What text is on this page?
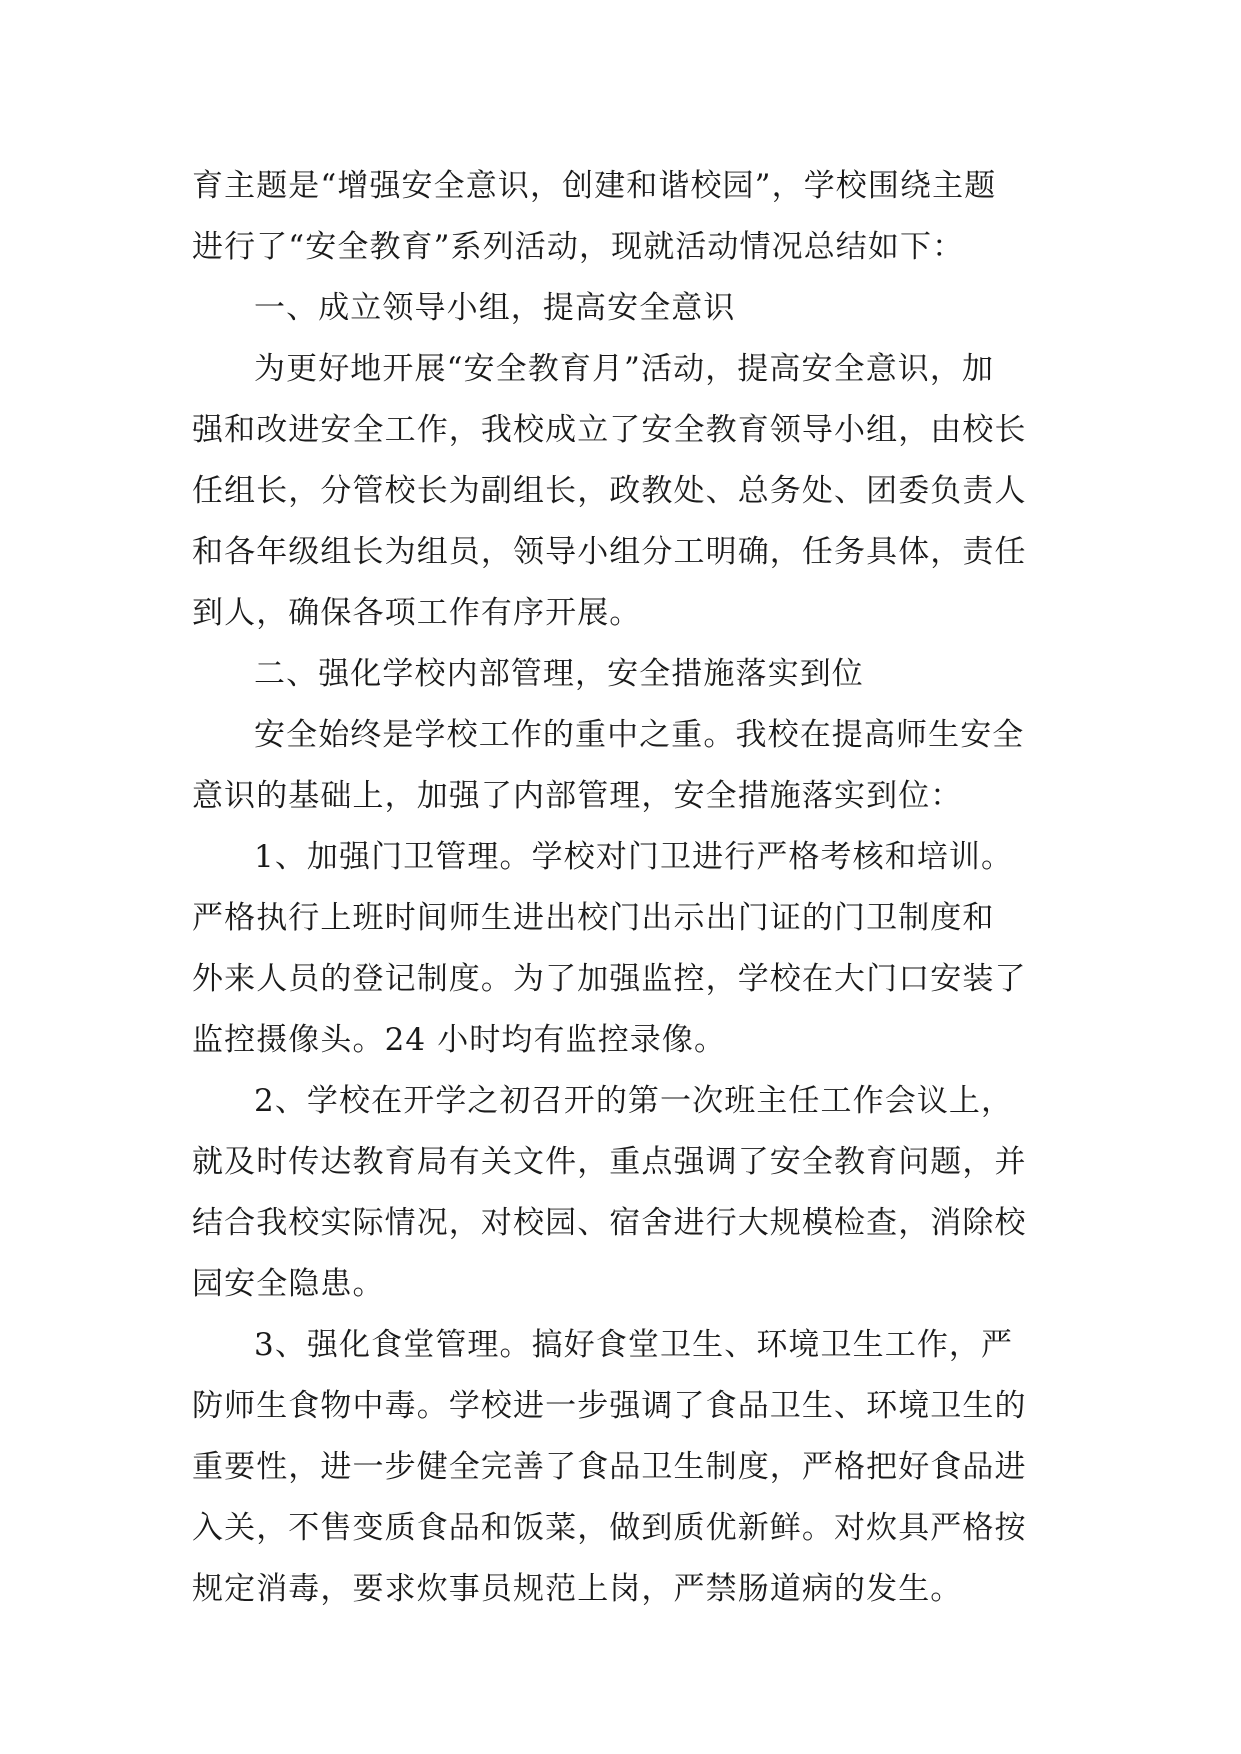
育主题是“增强安全意识，创建和谐校园”，学校围绕主题
进行了“安全教育”系列活动，现就活动情况总结如下：
一、成立领导小组，提高安全意识
为更好地开展“安全教育月”活动，提高安全意识，加
强和改进安全工作，我校成立了安全教育领导小组，由校长
任组长，分管校长为副组长，政教处、总务处、团委负责人
和各年级组长为组员，领导小组分工明确，任务具体，责任
到人，确保各项工作有序开展。
二、强化学校内部管理，安全措施落实到位
安全始终是学校工作的重中之重。我校在提高师生安全
意识的基础上，加强了内部管理，安全措施落实到位：
1、加强门卫管理。学校对门卫进行严格考核和培训。
严格执行上班时间师生进出校门出示出门证的门卫制度和
外来人员的登记制度。为了加强监控，学校在大门口安装了
监控摄像头。24 小时均有监控录像。
2、学校在开学之初召开的第一次班主任工作会议上，
就及时传达教育局有关文件，重点强调了安全教育问题，并
结合我校实际情况，对校园、宿舍进行大规模检查，消除校
园安全隐患。
3、强化食堂管理。搞好食堂卫生、环境卫生工作，严
防师生食物中毒。学校进一步强调了食品卫生、环境卫生的
重要性，进一步健全完善了食品卫生制度，严格把好食品进
入关，不售变质食品和饭菜，做到质优新鲜。对炊具严格按
规定消毒，要求炊事员规范上岗，严禁肠道病的发生。
